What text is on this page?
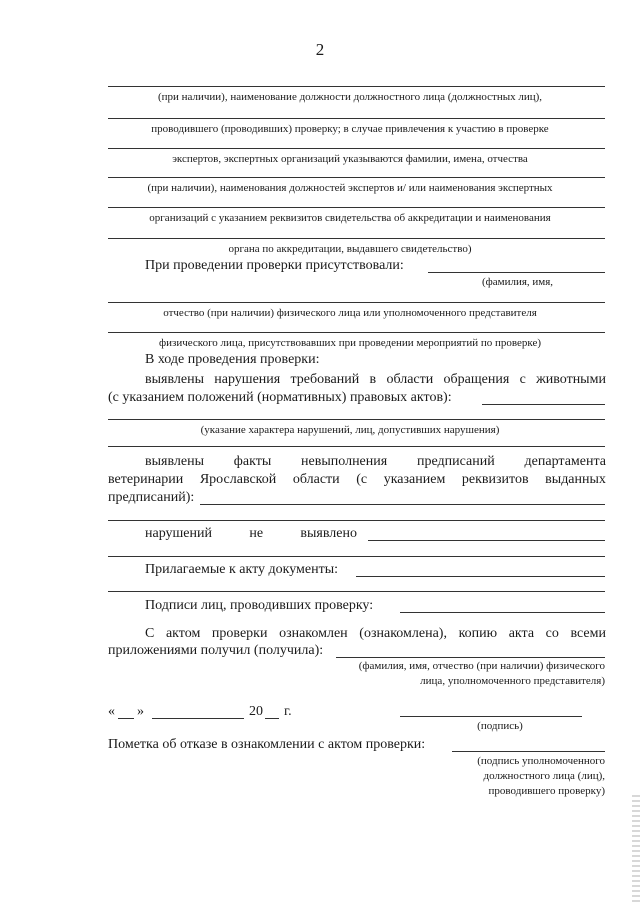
2
(при наличии), наименование должности должностного лица (должностных лиц),
проводившего (проводивших) проверку; в случае привлечения к участию в проверке
экспертов, экспертных организаций указываются фамилии, имена, отчества
(при наличии), наименования должностей экспертов и/ или наименования экспертных
организаций с указанием реквизитов свидетельства об аккредитации и наименования
органа по аккредитации, выдавшего свидетельство)
При проведении проверки присутствовали:
(фамилия, имя,
отчество (при наличии) физического лица или уполномоченного представителя
физического лица, присутствовавших при проведении мероприятий по проверке)
В ходе проведения проверки:
выявлены нарушения требований в области обращения с животными
(с указанием положений (нормативных) правовых актов):
(указание характера нарушений, лиц, допустивших нарушения)
выявлены факты невыполнения предписаний департамента
ветеринарии Ярославской области (с указанием реквизитов выданных
предписаний):
нарушений	не	выявлено
Прилагаемые к акту документы:
Подписи лиц, проводивших проверку:
С актом проверки ознакомлен (ознакомлена), копию акта со всеми
приложениями получил (получила):
(фамилия, имя, отчество (при наличии) физического
лица, уполномоченного представителя)
« »	20 г.
(подпись)
Пометка об отказе в ознакомлении с актом проверки:
(подпись уполномоченного
должностного лица (лиц),
проводившего проверку)
